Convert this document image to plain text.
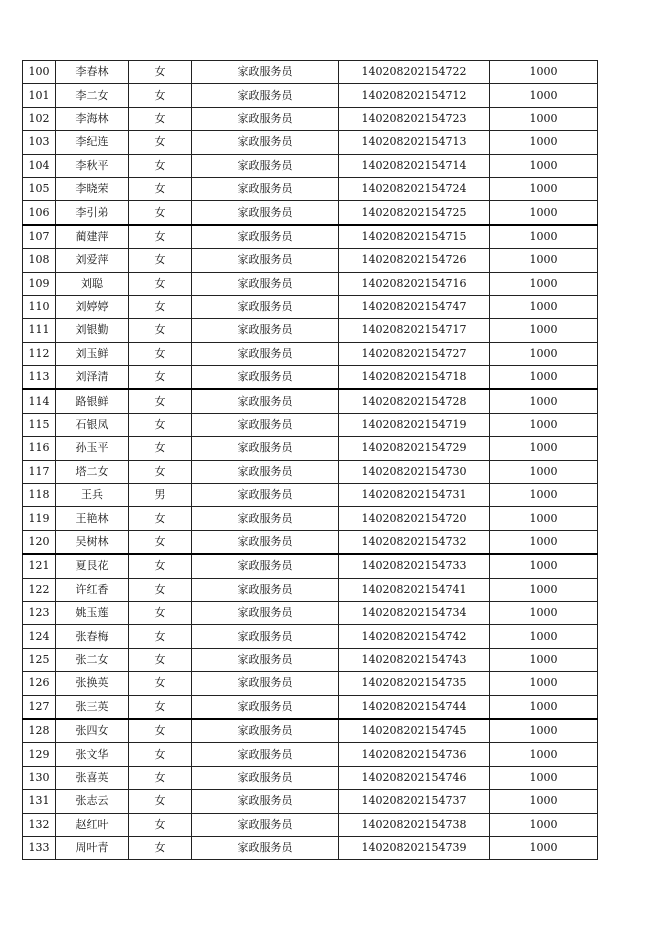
100	李春林	女	家政服务员	140208202154722	1000
101	李二女	女	家政服务员	140208202154712	1000
102	李海林	女	家政服务员	140208202154723	1000
103	李纪连	女	家政服务员	140208202154713	1000
104	李秋平	女	家政服务员	140208202154714	1000
105	李晓荣	女	家政服务员	140208202154724	1000
106	李引弟	女	家政服务员	140208202154725	1000
107	蔺建萍	女	家政服务员	140208202154715	1000
108	刘爱萍	女	家政服务员	140208202154726	1000
109	刘聪	女	家政服务员	140208202154716	1000
110	刘婷婷	女	家政服务员	140208202154747	1000
111	刘银勤	女	家政服务员	140208202154717	1000
112	刘玉鲜	女	家政服务员	140208202154727	1000
113	刘泽清	女	家政服务员	140208202154718	1000
114	路银鲜	女	家政服务员	140208202154728	1000
115	石银凤	女	家政服务员	140208202154719	1000
116	孙玉平	女	家政服务员	140208202154729	1000
117	塔二女	女	家政服务员	140208202154730	1000
118	王兵	男	家政服务员	140208202154731	1000
119	王艳林	女	家政服务员	140208202154720	1000
120	吴树林	女	家政服务员	140208202154732	1000
121	夏艮花	女	家政服务员	140208202154733	1000
122	许红香	女	家政服务员	140208202154741	1000
123	姚玉莲	女	家政服务员	140208202154734	1000
124	张春梅	女	家政服务员	140208202154742	1000
125	张二女	女	家政服务员	140208202154743	1000
126	张换英	女	家政服务员	140208202154735	1000
127	张三英	女	家政服务员	140208202154744	1000
128	张四女	女	家政服务员	140208202154745	1000
129	张文华	女	家政服务员	140208202154736	1000
130	张喜英	女	家政服务员	140208202154746	1000
131	张志云	女	家政服务员	140208202154737	1000
132	赵红叶	女	家政服务员	140208202154738	1000
133	周叶青	女	家政服务员	140208202154739	1000
